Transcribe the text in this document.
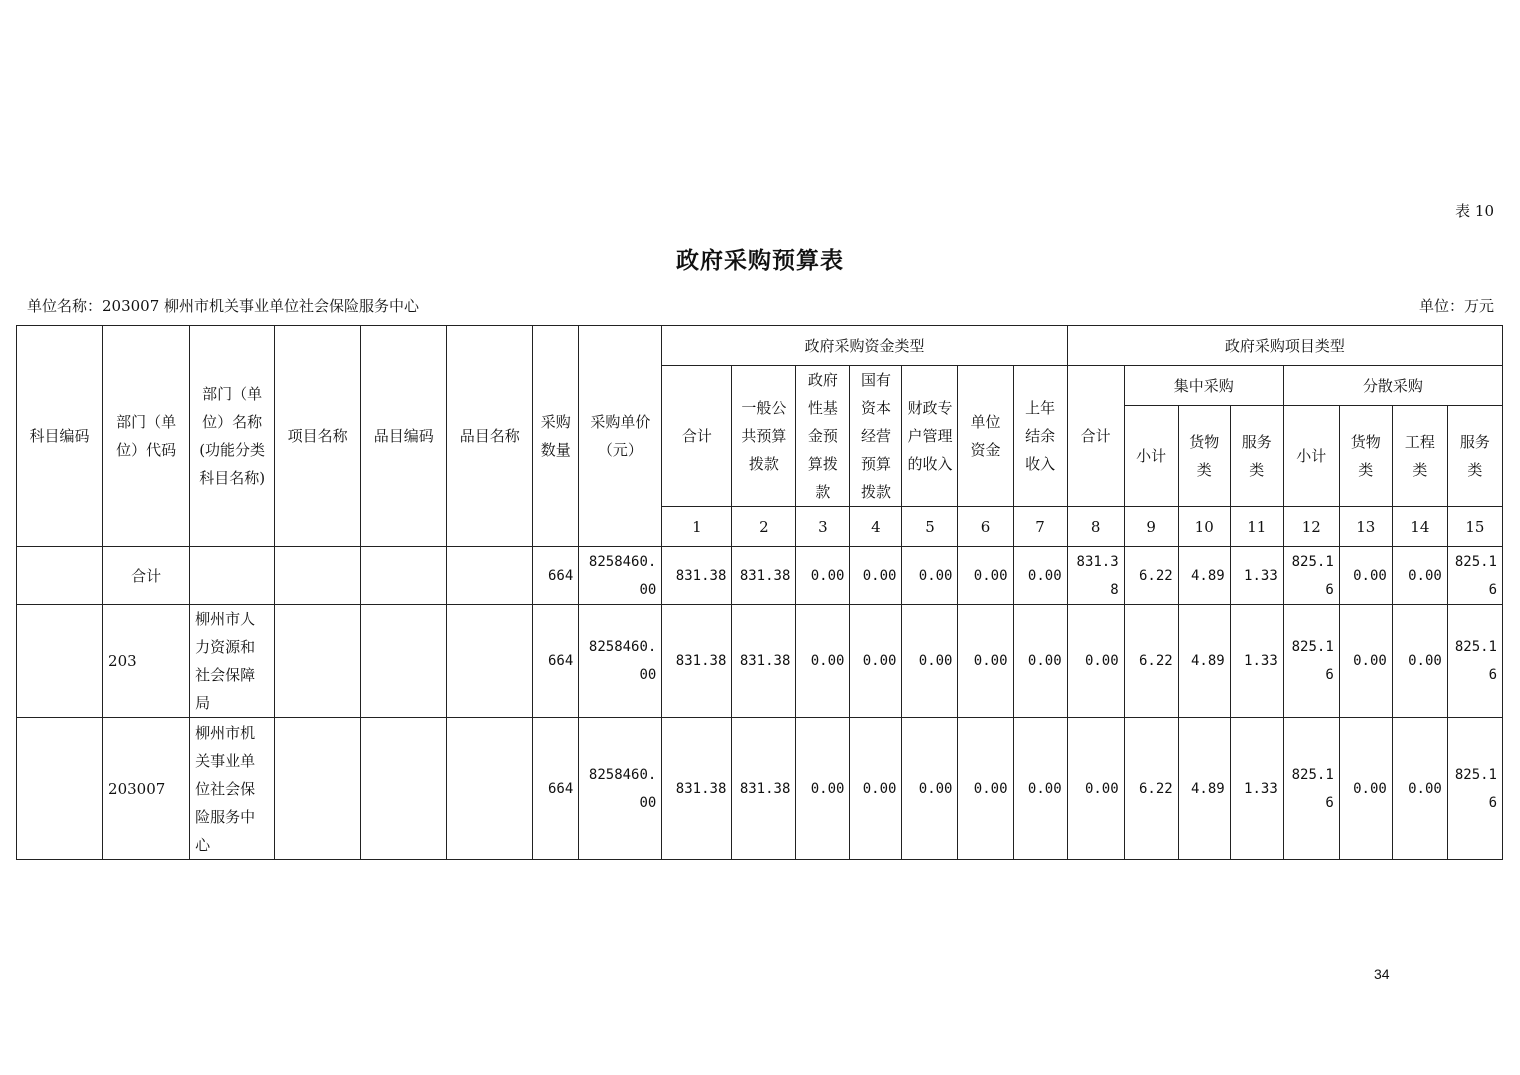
表 10
政府采购预算表
单位名称：203007 柳州市机关事业单位社会保险服务中心	单位：万元
科目编码	部门（单位）代码	部门（单位）名称(功能分类科目名称)	项目名称	品目编码	品目名称	采购数量	采购单价（元）	政府采购资金类型							政府采购项目类型							
								合计	一般公共预算拨款	政府性基金预算拨款	国有资本经营预算拨款	财政专户管理的收入	单位资金	上年结余收入	合计	集中采购			分散采购			
																小计	货物类	服务类	小计	货物类	工程类	服务类
								1	2	3	4	5	6	7	8	9	10	11	12	13	14	15
	合计					664	8258460.00	831.38	831.38	0.00	0.00	0.00	0.00	0.00	831.38	6.22	4.89	1.33	825.16	0.00	0.00	825.16
	203	柳州市人力资源和社会保障局				664	8258460.00	831.38	831.38	0.00	0.00	0.00	0.00	0.00	0.00	6.22	4.89	1.33	825.16	0.00	0.00	825.16
	203007	柳州市机关事业单位社会保险服务中心				664	8258460.00	831.38	831.38	0.00	0.00	0.00	0.00	0.00	0.00	6.22	4.89	1.33	825.16	0.00	0.00	825.16
34
